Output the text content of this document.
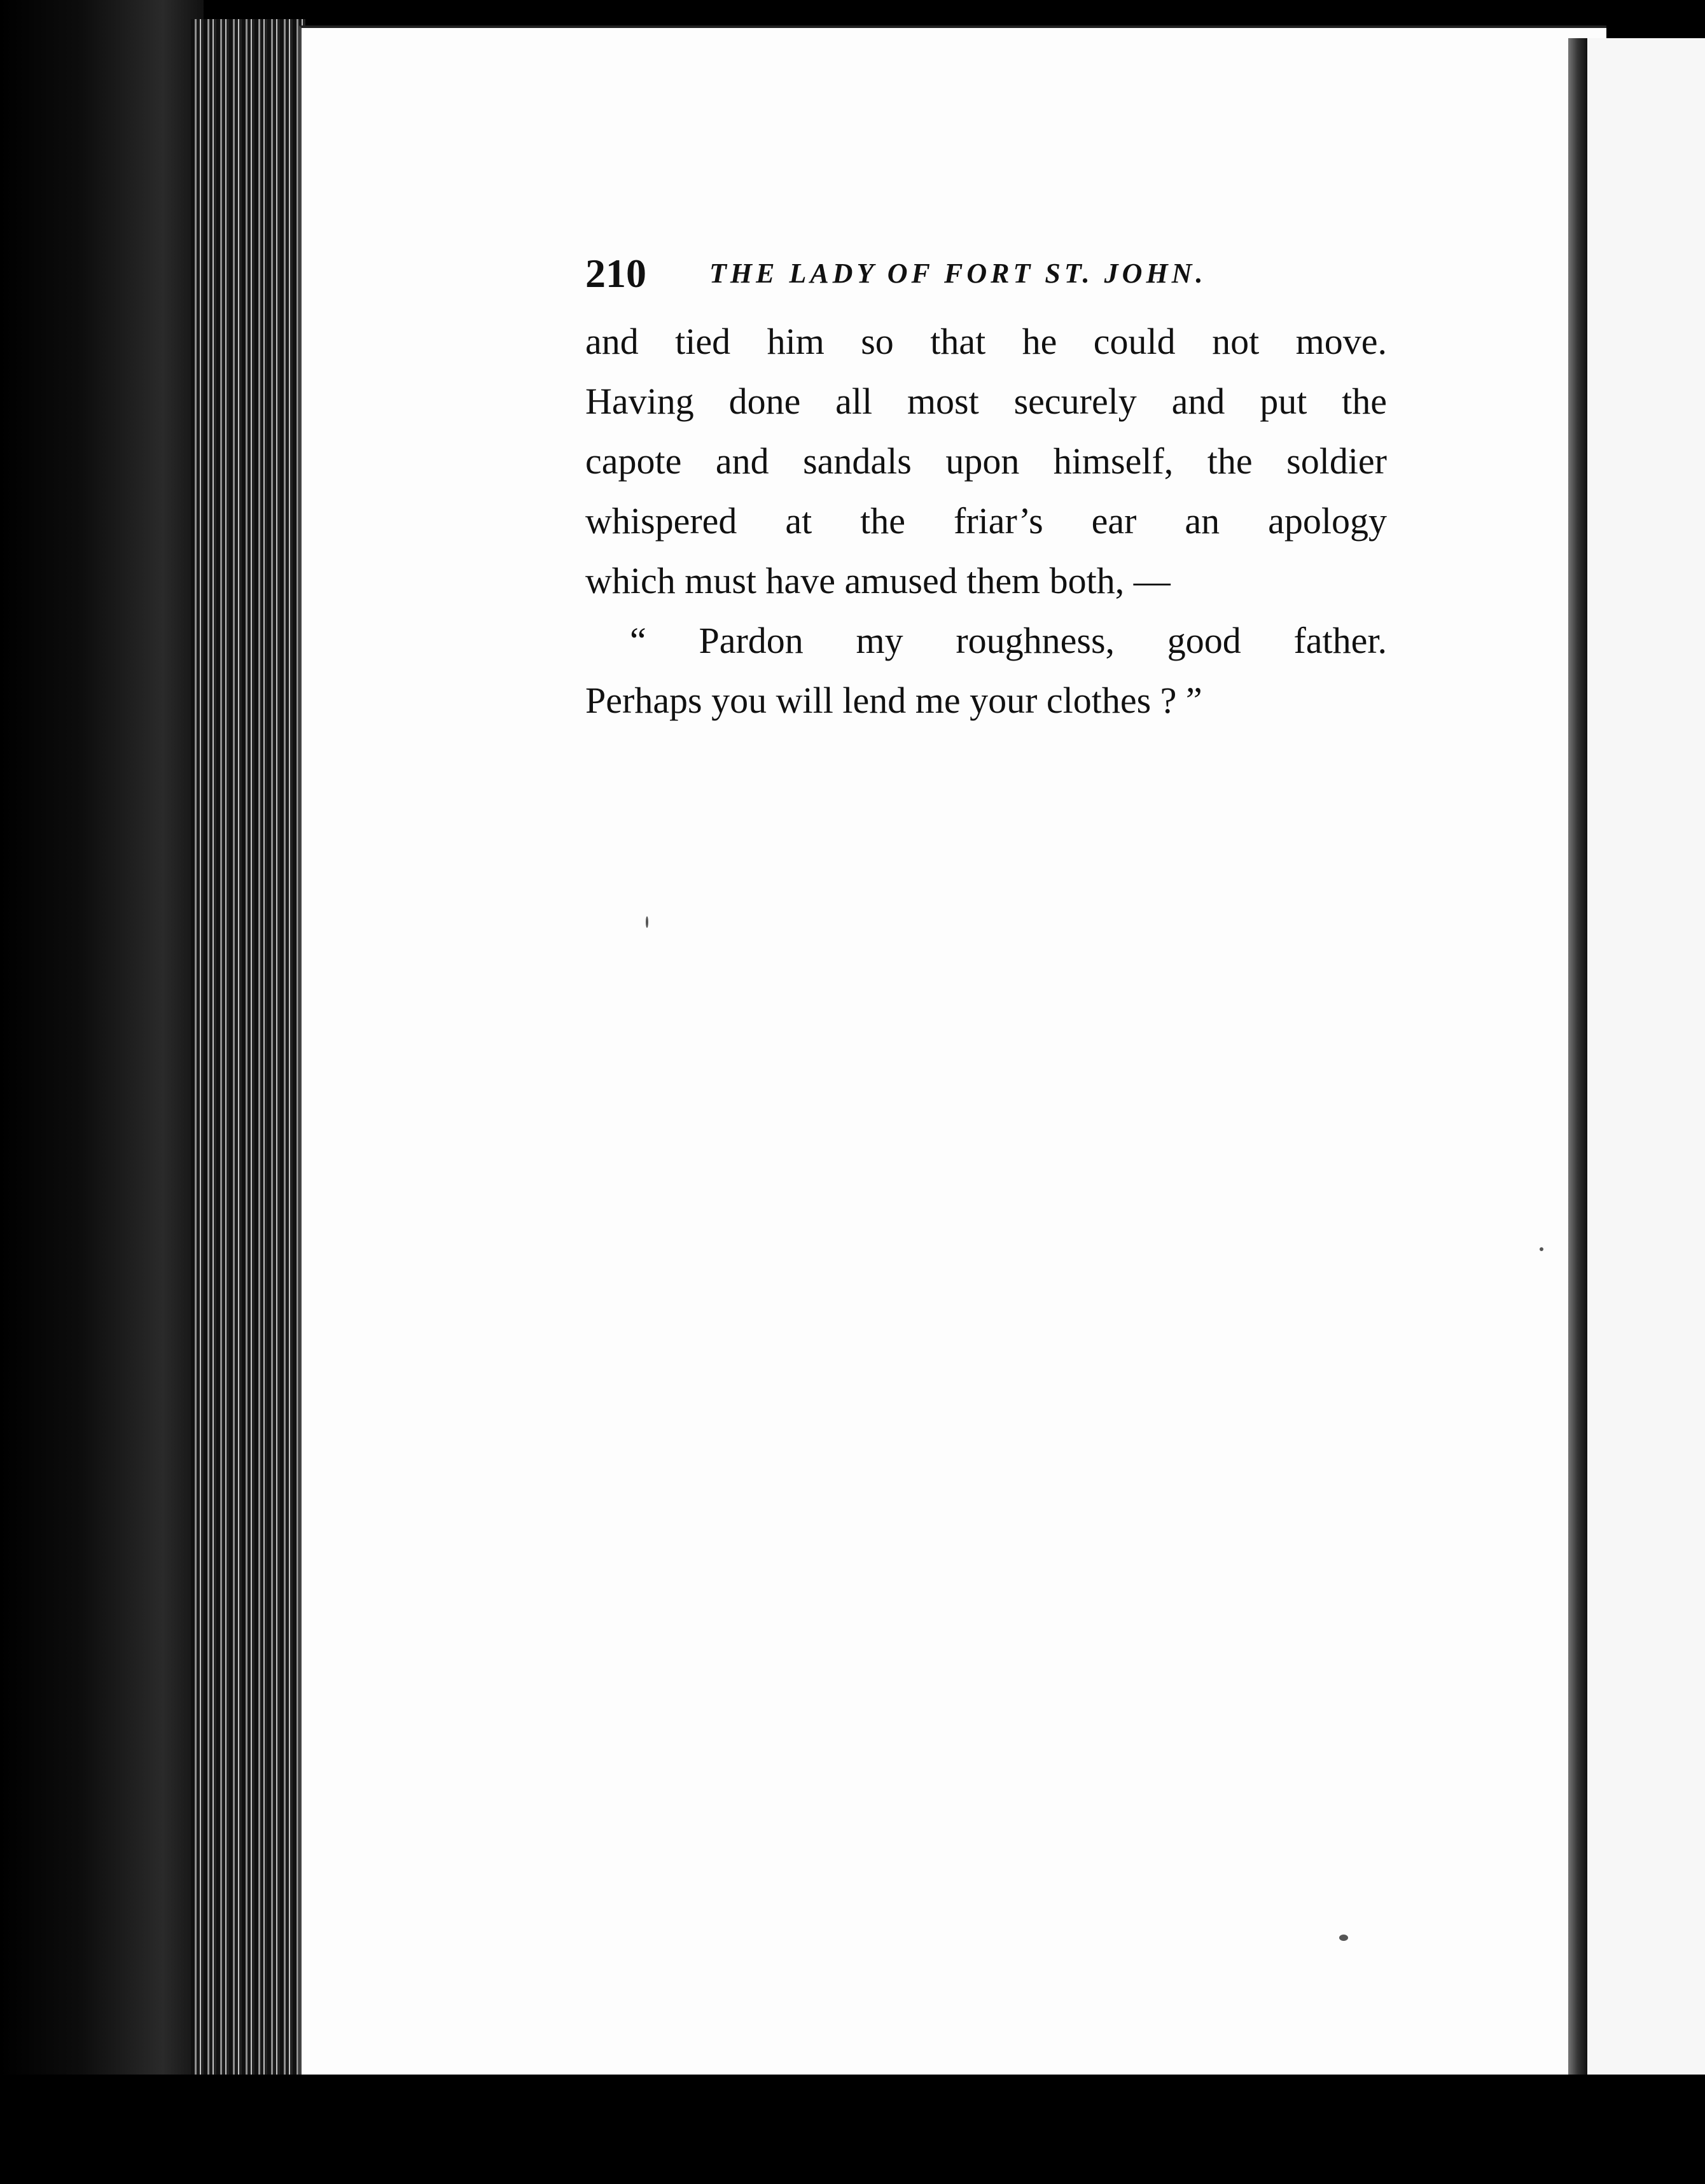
210 THE LADY OF FORT ST. JOHN.
and tied him so that he could not move.
Having done all most securely and put the
capote and sandals upon himself, the soldier
whispered at the friar’s ear an apology
which must have amused them both, —
“ Pardon my roughness, good father.
Perhaps you will lend me your clothes ? ”
